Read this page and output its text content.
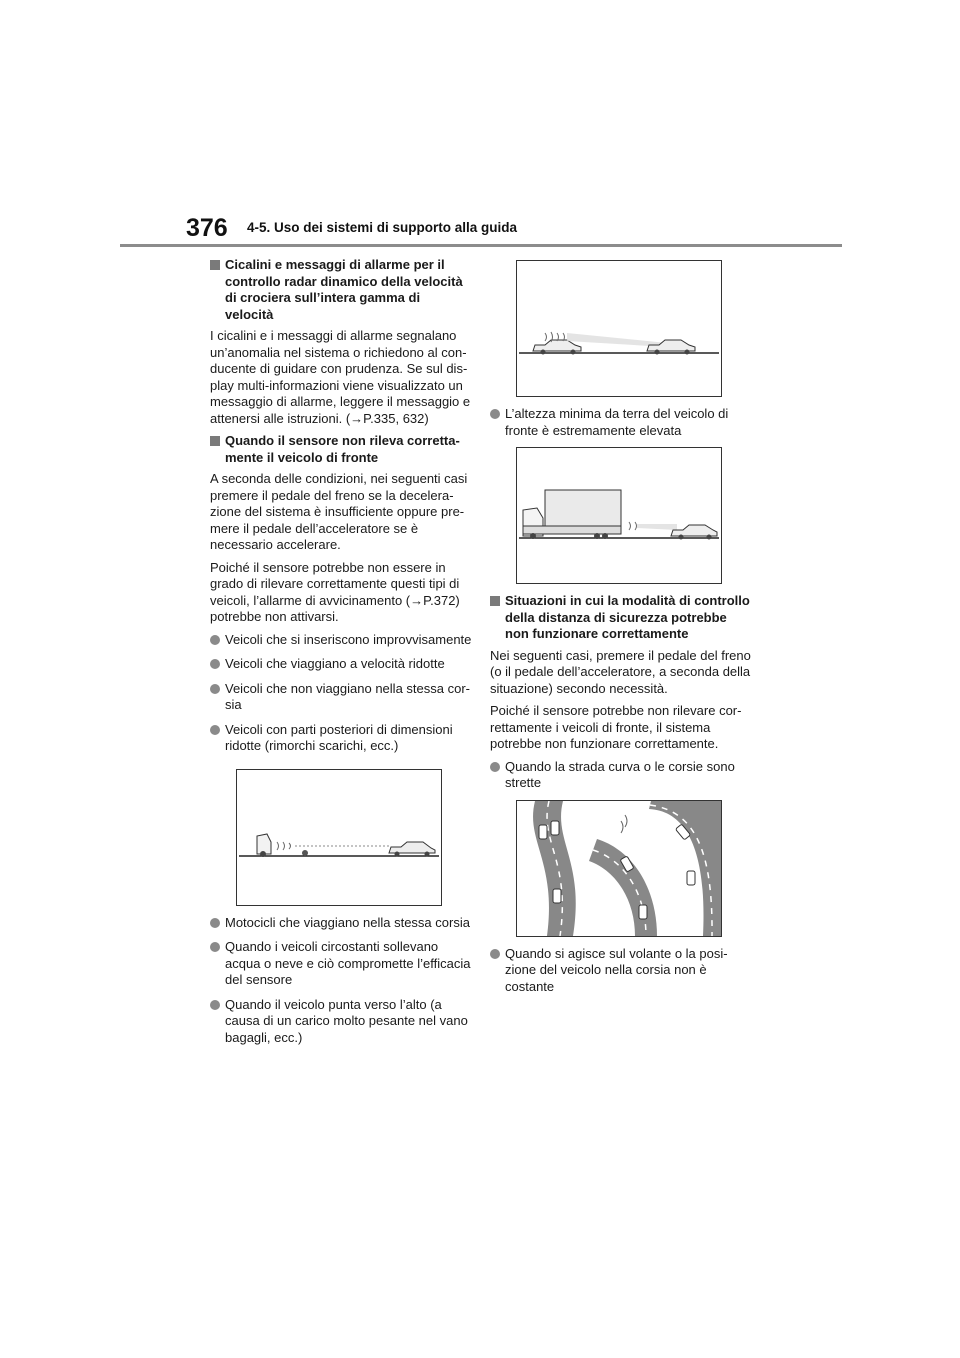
376 4-5. Uso dei sistemi di supporto alla guida
Cicalini e messaggi di allarme per il controllo radar dinamico della velocità di crociera sull’intera gamma di velocità

I cicalini e i messaggi di allarme segnalano un’anomalia nel sistema o richiedono al con-ducente di guidare con prudenza. Se sul dis-play multi-informazioni viene visualizzato un messaggio di allarme, leggere il messaggio e attenersi alle istruzioni. (→P.335, 632)

Quando il sensore non rileva corretta-mente il veicolo di fronte

A seconda delle condizioni, nei seguenti casi premere il pedale del freno se la decelera-zione del sistema è insufficiente oppure pre-mere il pedale dell’acceleratore se è necessario accelerare.

Poiché il sensore potrebbe non essere in grado di rilevare correttamente questi tipi di veicoli, l’allarme di avvicinamento (→P.372) potrebbe non attivarsi.

Veicoli che si inseriscono improvvisamente
Veicoli che viaggiano a velocità ridotte
Veicoli che non viaggiano nella stessa cor-sia
Veicoli con parti posteriori di dimensioni ridotte (rimorchi scarichi, ecc.)
Motocicli che viaggiano nella stessa corsia
Quando i veicoli circostanti sollevano acqua o neve e ciò compromette l’efficacia del sensore
Quando il veicolo punta verso l’alto (a causa di un carico molto pesante nel vano bagagli, ecc.)
L’altezza minima da terra del veicolo di fronte è estremamente elevata
Situazioni in cui la modalità di controllo della distanza di sicurezza potrebbe non funzionare correttamente

Nei seguenti casi, premere il pedale del freno (o il pedale dell’acceleratore, a seconda della situazione) secondo necessità.

Poiché il sensore potrebbe non rilevare cor-rettamente i veicoli di fronte, il sistema potrebbe non funzionare correttamente.

Quando la strada curva o le corsie sono strette
Quando si agisce sul volante o la posi-zione del veicolo nella corsia non è costante
